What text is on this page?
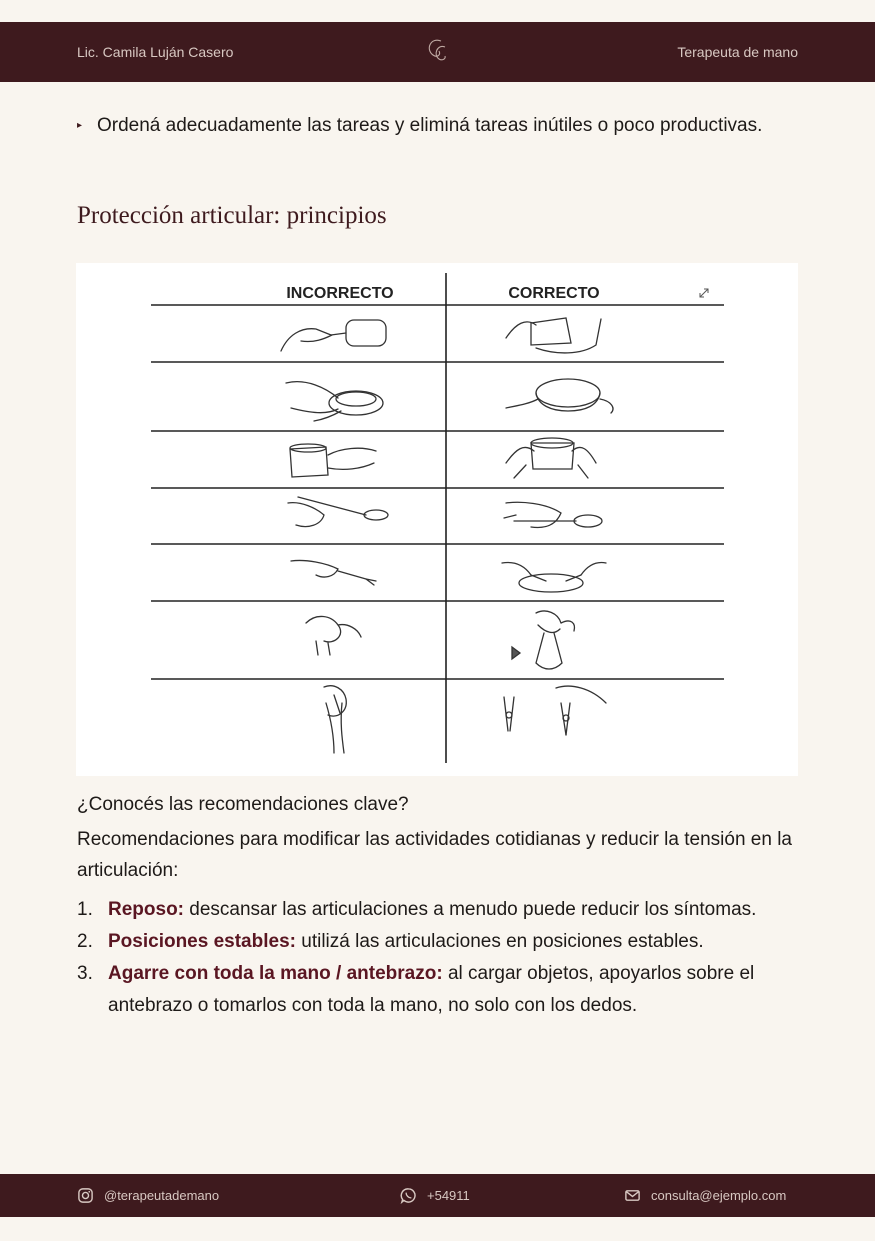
Lic. Camila Luján Casero	Terapeuta de mano
▸ Ordená adecuadamente las tareas y eliminá tareas inútiles o poco productivas.
Protección articular: principios
INCORRECTO	CORRECTO

¿Conocés las recomendaciones clave?

Recomendaciones para modificar las actividades cotidianas y reducir la tensión en la articulación:

1. Reposo: descansar las articulaciones a menudo puede reducir los síntomas.
2. Posiciones estables: utilizá las articulaciones en posiciones estables.
3. Agarre con toda la mano / antebrazo: al cargar objetos, apoyarlos sobre el antebrazo o tomarlos con toda la mano, no solo con los dedos.
@terapeutademano	+54911	consulta@ejemplo.com
